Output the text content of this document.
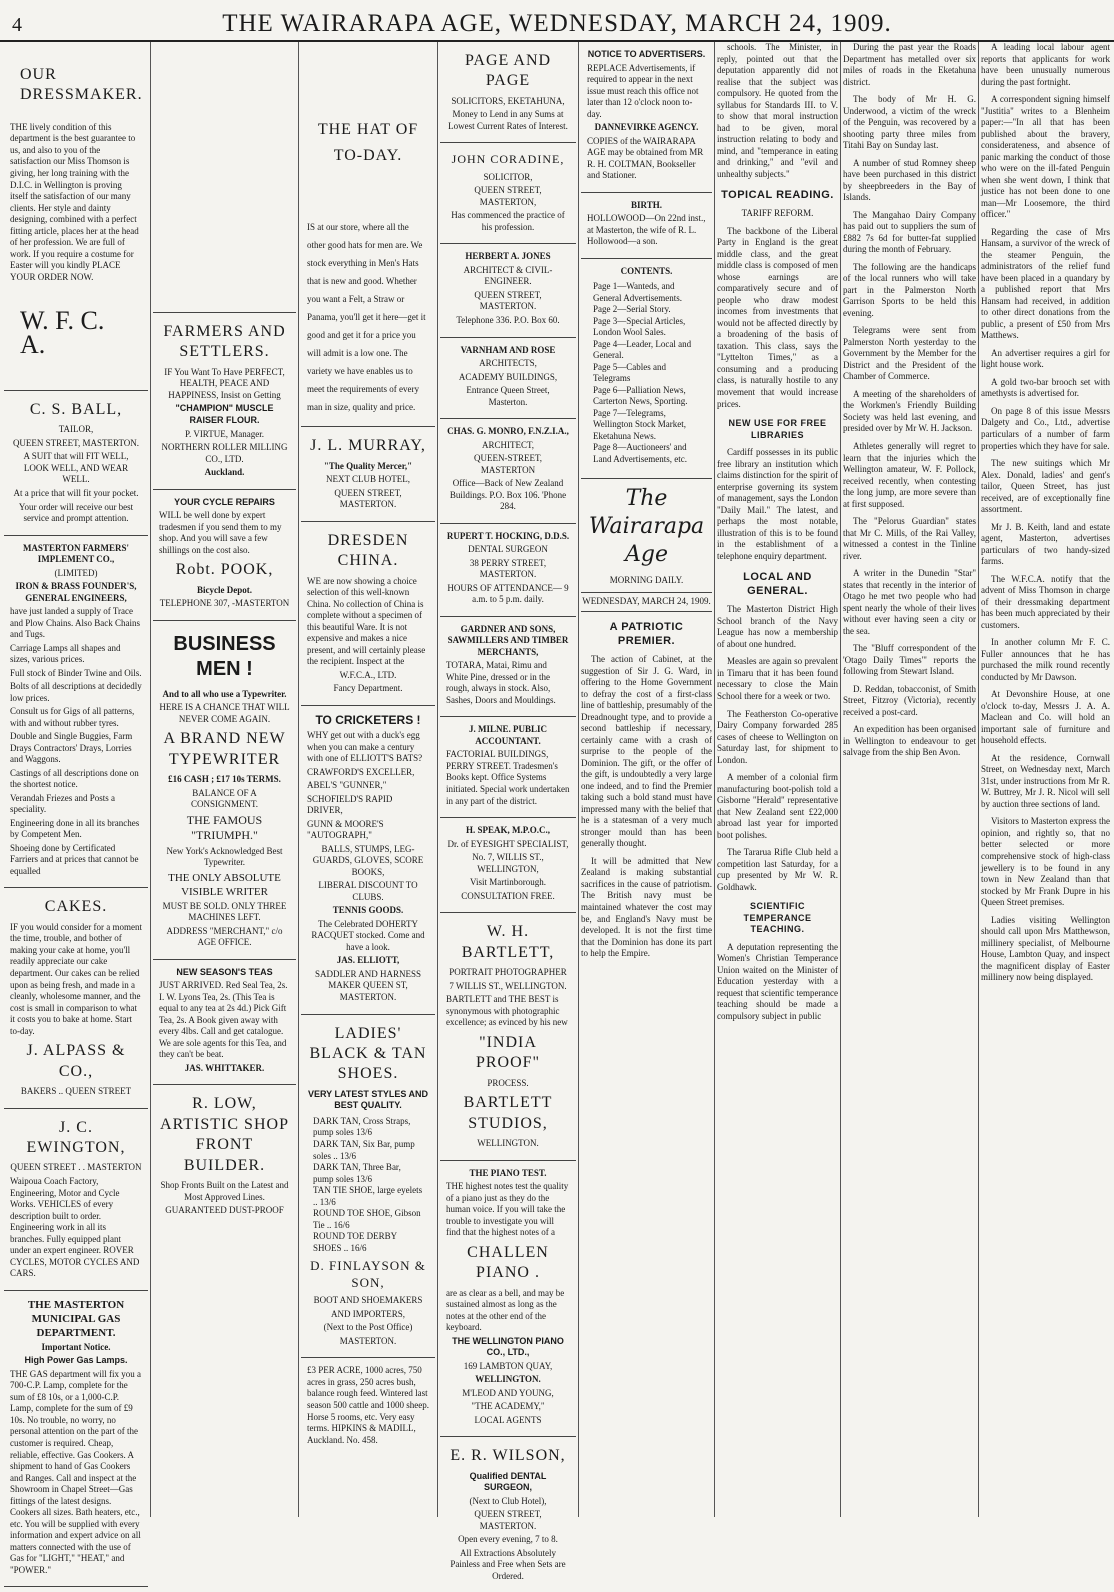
4	THE WAIRARAPA AGE, WEDNESDAY, MARCH 24, 1909.
OUR DRESSMAKER.

THE lively condition of this department is the best guarantee to us, and also to you of the satisfaction our Miss Thomson is giving, her long training with the D.I.C. in Wellington is proving itself the satisfaction of our many clients. Her style and dainty designing, combined with a perfect fitting article, places her at the head of her profession. We are full of work. If you require a costume for Easter will you kindly PLACE YOUR ORDER NOW.

W. F. C. A.
C. S. BALL,

TAILOR,

QUEEN STREET, MASTERTON.

A SUIT that will FIT WELL, LOOK WELL, AND WEAR WELL.

At a price that will fit your pocket.

Your order will receive our best service and prompt attention.

MASTERTON FARMERS' IMPLEMENT CO.,

(LIMITED)

IRON & BRASS FOUNDER'S, GENERAL ENGINEERS,

have just landed a supply of Trace and Plow Chains. Also Back Chains and Tugs.

Carriage Lamps all shapes and sizes, various prices.

Full stock of Binder Twine and Oils.

Bolts of all descriptions at decidedly low prices.

Consult us for Gigs of all patterns, with and without rubber tyres.

Double and Single Buggies, Farm Drays Contractors' Drays, Lorries and Waggons.

Castings of all descriptions done on the shortest notice.

Verandah Friezes and Posts a speciality.

Engineering done in all its branches by Competent Men.

Shoeing done by Certificated Farriers and at prices that cannot be equalled

CAKES.

IF you would consider for a moment the time, trouble, and bother of making your cake at home, you'll readily appreciate our cake department. Our cakes can be relied upon as being fresh, and made in a cleanly, wholesome manner, and the cost is small in comparison to what it costs you to bake at home. Start to-day.

J. ALPASS & CO.,

BAKERS .. QUEEN STREET

J. C. EWINGTON,

QUEEN STREET . . MASTERTON

Waipoua Coach Factory, Engineering, Motor and Cycle Works. VEHICLES of every description built to order. Engineering work in all its branches. Fully equipped plant under an expert engineer. ROVER CYCLES, MOTOR CYCLES AND CARS.

THE MASTERTON MUNICIPAL GAS DEPARTMENT.

Important Notice.

High Power Gas Lamps.

THE GAS department will fix you a 700-C.P. Lamp, complete for the sum of £8 10s, or a 1,000-C.P. Lamp, complete for the sum of £9 10s. No trouble, no worry, no personal attention on the part of the customer is required. Cheap, reliable, effective. Gas Cookers. A shipment to hand of Gas Cookers and Ranges. Call and inspect at the Showroom in Chapel Street—Gas fittings of the latest designs. Cookers all sizes. Bath heaters, etc., etc. You will be supplied with every information and expert advice on all matters connected with the use of Gas for "LIGHT," "HEAT," and "POWER."

FARMERS AND SETTLERS.

IF You Want To Have PERFECT, HEALTH, PEACE AND HAPPINESS, Insist on Getting

"CHAMPION" MUSCLE RAISER FLOUR.

P. VIRTUE, Manager.

NORTHERN ROLLER MILLING CO., LTD.

Auckland.

YOUR CYCLE REPAIRS

WILL be well done by expert tradesmen if you send them to my shop. And you will save a few shillings on the cost also.

Robt. POOK,

Bicycle Depot.

TELEPHONE 307, -MASTERTON

BUSINESS MEN !

And to all who use a Typewriter.

HERE IS A CHANCE THAT WILL NEVER COME AGAIN.

A BRAND NEW TYPEWRITER

£16 CASH ; £17 10s TERMS.

BALANCE OF A CONSIGNMENT.

THE FAMOUS "TRIUMPH."

New York's Acknowledged Best Typewriter.

THE ONLY ABSOLUTE VISIBLE WRITER

MUST BE SOLD. ONLY THREE MACHINES LEFT.

ADDRESS "MERCHANT," c/o AGE OFFICE.

NEW SEASON'S TEAS

JUST ARRIVED. Red Seal Tea, 2s. I. W. Lyons Tea, 2s. (This Tea is equal to any tea at 2s 4d.) Pick Gift Tea, 2s. A Book given away with every 4lbs. Call and get catalogue. We are sole agents for this Tea, and they can't be beat.

JAS. WHITTAKER.

R. LOW, ARTISTIC SHOP FRONT BUILDER.

Shop Fronts Built on the Latest and Most Approved Lines.

GUARANTEED DUST-PROOF

THE HAT OF TO-DAY.

IS at our store, where all the other good hats for men are. We stock everything in Men's Hats that is new and good. Whether you want a Felt, a Straw or Panama, you'll get it here—get it good and get it for a price you will admit is a low one. The variety we have enables us to meet the requirements of every man in size, quality and price.

J. L. MURRAY,

"The Quality Mercer,"

NEXT CLUB HOTEL,

QUEEN STREET, MASTERTON.

DRESDEN CHINA.

WE are now showing a choice selection of this well-known China. No collection of China is complete without a specimen of this beautiful Ware. It is not expensive and makes a nice present, and will certainly please the recipient. Inspect at the

W.F.C.A., LTD.

Fancy Department.

TO CRICKETERS !

WHY get out with a duck's egg when you can make a century with one of ELLIOTT'S BATS?

CRAWFORD'S EXCELLER,

ABEL'S "GUNNER,"

SCHOFIELD'S RAPID DRIVER,

GUNN & MOORE'S "AUTOGRAPH,"

BALLS, STUMPS, LEG-GUARDS, GLOVES, SCORE BOOKS,

LIBERAL DISCOUNT TO CLUBS.

TENNIS GOODS.

The Celebrated DOHERTY RACQUET stocked. Come and have a look.

JAS. ELLIOTT,

SADDLER AND HARNESS MAKER QUEEN ST, MASTERTON.

LADIES' BLACK & TAN SHOES.

VERY LATEST STYLES AND BEST QUALITY.

DARK TAN, Cross Straps, pump soles 13/6
DARK TAN, Six Bar, pump soles .. 13/6
DARK TAN, Three Bar, pump soles 13/6
TAN TIE SHOE, large eyelets .. 13/6
ROUND TOE SHOE, Gibson Tie .. 16/6
ROUND TOE DERBY SHOES .. 16/6
D. FINLAYSON & SON,

BOOT AND SHOEMAKERS

AND IMPORTERS,

(Next to the Post Office)

MASTERTON.

£3 PER ACRE, 1000 acres, 750 acres in grass, 250 acres bush, balance rough feed. Wintered last season 500 cattle and 1000 sheep. Horse 5 rooms, etc. Very easy terms. HIPKINS & MADILL, Auckland. No. 458.

PAGE AND PAGE

SOLICITORS, EKETAHUNA,

Money to Lend in any Sums at Lowest Current Rates of Interest.

JOHN CORADINE,

SOLICITOR,

QUEEN STREET, MASTERTON,

Has commenced the practice of his profession.

HERBERT A. JONES

ARCHITECT & CIVIL-ENGINEER.

QUEEN STREET, MASTERTON.

Telephone 336. P.O. Box 60.

VARNHAM AND ROSE

ARCHITECTS,

ACADEMY BUILDINGS,

Entrance Queen Street, Masterton.

CHAS. G. MONRO, F.N.Z.I.A.,

ARCHITECT,

QUEEN-STREET, MASTERTON

Office—Back of New Zealand Buildings. P.O. Box 106. 'Phone 284.

RUPERT T. HOCKING, D.D.S.

DENTAL SURGEON

38 PERRY STREET, MASTERTON.

HOURS OF ATTENDANCE— 9 a.m. to 5 p.m. daily.

GARDNER AND SONS, SAWMILLERS AND TIMBER MERCHANTS,

TOTARA, Matai, Rimu and White Pine, dressed or in the rough, always in stock. Also, Sashes, Doors and Mouldings.

J. MILNE. PUBLIC ACCOUNTANT.

FACTORIAL BUILDINGS, PERRY STREET. Tradesmen's Books kept. Office Systems initiated. Special work undertaken in any part of the district.

H. SPEAK, M.P.O.C.,

Dr. of EYESIGHT SPECIALIST,

No. 7, WILLIS ST., WELLINGTON,

Visit Martinborough.

CONSULTATION FREE.

W. H. BARTLETT,

PORTRAIT PHOTOGRAPHER

7 WILLIS ST., WELLINGTON.

BARTLETT and THE BEST is synonymous with photographic excellence; as evinced by his new

"INDIA PROOF"

PROCESS.

BARTLETT STUDIOS,

WELLINGTON.

THE PIANO TEST.

THE highest notes test the quality of a piano just as they do the human voice. If you will take the trouble to investigate you will find that the highest notes of a

CHALLEN PIANO .

are as clear as a bell, and may be sustained almost as long as the notes at the other end of the keyboard.

THE WELLINGTON PIANO CO., LTD.,

169 LAMBTON QUAY,

WELLINGTON.

M'LEOD AND YOUNG,

"THE ACADEMY,"

LOCAL AGENTS

E. R. WILSON,

Qualified DENTAL SURGEON,

(Next to Club Hotel),

QUEEN STREET, MASTERTON.

Open every evening, 7 to 8.

All Extractions Absolutely Painless and Free when Sets are Ordered.

NOTICE TO ADVERTISERS.

REPLACE Advertisements, if required to appear in the next issue must reach this office not later than 12 o'clock noon to-day.

DANNEVIRKE AGENCY.

COPIES of the WAIRARAPA AGE may be obtained from MR R. H. COLTMAN, Bookseller and Stationer.

BIRTH.

HOLLOWOOD—On 22nd inst., at Masterton, the wife of R. L. Hollowood—a son.

CONTENTS.

Page 1—Wanteds, and General Advertisements.
Page 2—Serial Story.
Page 3—Special Articles, London Wool Sales.
Page 4—Leader, Local and General.
Page 5—Cables and Telegrams
Page 6—Palliation News, Carterton News, Sporting.
Page 7—Telegrams, Wellington Stock Market, Eketahuna News.
Page 8—Auctioneers' and Land Advertisements, etc.
The Wairarapa Age
MORNING DAILY.
WEDNESDAY, MARCH 24, 1909.
A PATRIOTIC PREMIER.

The action of Cabinet, at the suggestion of Sir J. G. Ward, in offering to the Home Government to defray the cost of a first-class line of battleship, presumably of the Dreadnought type, and to provide a second battleship if necessary, certainly came with a crash of surprise to the people of the Dominion. The gift, or the offer of the gift, is undoubtedly a very large one indeed, and to find the Premier taking such a bold stand must have impressed many with the belief that he is a statesman of a very much stronger mould than has been generally thought.

It will be admitted that New Zealand is making substantial sacrifices in the cause of patriotism. The British navy must be maintained whatever the cost may be, and England's Navy must be developed. It is not the first time that the Dominion has done its part to help the Empire.

schools. The Minister, in reply, pointed out that the deputation apparently did not realise that the subject was compulsory. He quoted from the syllabus for Standards III. to V. to show that moral instruction had to be given, moral instruction relating to body and mind, and "temperance in eating and drinking," and "evil and unhealthy subjects."

TOPICAL READING.
TARIFF REFORM.

The backbone of the Liberal Party in England is the great middle class, and the great middle class is composed of men whose earnings are comparatively secure and of people who draw modest incomes from investments that would not be affected directly by a broadening of the basis of taxation. This class, says the "Lyttelton Times," as a consuming and a producing class, is naturally hostile to any movement that would increase prices.

NEW USE FOR FREE LIBRARIES

Cardiff possesses in its public free library an institution which claims distinction for the spirit of enterprise governing its system of management, says the London "Daily Mail." The latest, and perhaps the most notable, illustration of this is to be found in the establishment of a telephone enquiry department.

LOCAL AND GENERAL.

The Masterton District High School branch of the Navy League has now a membership of about one hundred.

Measles are again so prevalent in Timaru that it has been found necessary to close the Main School there for a week or two.

The Featherston Co-operative Dairy Company forwarded 285 cases of cheese to Wellington on Saturday last, for shipment to London.

A member of a colonial firm manufacturing boot-polish told a Gisborne "Herald" representative that New Zealand sent £22,000 abroad last year for imported boot polishes.

The Tararua Rifle Club held a competition last Saturday, for a cup presented by Mr W. R. Goldhawk.

SCIENTIFIC TEMPERANCE TEACHING.

A deputation representing the Women's Christian Temperance Union waited on the Minister of Education yesterday with a request that scientific temperance teaching should be made a compulsory subject in public

During the past year the Roads Department has metalled over six miles of roads in the Eketahuna district.

The body of Mr H. G. Underwood, a victim of the wreck of the Penguin, was recovered by a shooting party three miles from Titahi Bay on Sunday last.

A number of stud Romney sheep have been purchased in this district by sheepbreeders in the Bay of Islands.

The Mangahao Dairy Company has paid out to suppliers the sum of £882 7s 6d for butter-fat supplied during the month of February.

The following are the handicaps of the local runners who will take part in the Palmerston North Garrison Sports to be held this evening.

Telegrams were sent from Palmerston North yesterday to the Government by the Member for the District and the President of the Chamber of Commerce.

A meeting of the shareholders of the Workmen's Friendly Building Society was held last evening, and presided over by Mr W. H. Jackson.

Athletes generally will regret to learn that the injuries which the Wellington amateur, W. F. Pollock, received recently, when contesting the long jump, are more severe than at first supposed.

The "Pelorus Guardian" states that Mr C. Mills, of the Rai Valley, witnessed a contest in the Tinline river.

A writer in the Dunedin "Star" states that recently in the interior of Otago he met two people who had spent nearly the whole of their lives without ever having seen a city or the sea.

The "Bluff correspondent of the 'Otago Daily Times'" reports the following from Stewart Island.

D. Reddan, tobacconist, of Smith Street, Fitzroy (Victoria), recently received a post-card.

An expedition has been organised in Wellington to endeavour to get salvage from the ship Ben Avon.

A leading local labour agent reports that applicants for work have been unusually numerous during the past fortnight.

A correspondent signing himself "Justitia" writes to a Blenheim paper:—"In all that has been published about the bravery, considerateness, and absence of panic marking the conduct of those who were on the ill-fated Penguin when she went down, I think that justice has not been done to one man—Mr Loosemore, the third officer."

Regarding the case of Mrs Hansam, a survivor of the wreck of the steamer Penguin, the administrators of the relief fund have been placed in a quandary by a published report that Mrs Hansam had received, in addition to other direct donations from the public, a present of £50 from Mrs Matthews.

An advertiser requires a girl for light house work.

A gold two-bar brooch set with amethysts is advertised for.

On page 8 of this issue Messrs Dalgety and Co., Ltd., advertise particulars of a number of farm properties which they have for sale.

The new suitings which Mr Alex. Donald, ladies' and gent's tailor, Queen Street, has just received, are of exceptionally fine assortment.

Mr J. B. Keith, land and estate agent, Masterton, advertises particulars of two handy-sized farms.

The W.F.C.A. notify that the advent of Miss Thomson in charge of their dressmaking department has been much appreciated by their customers.

In another column Mr F. C. Fuller announces that he has purchased the milk round recently conducted by Mr Dawson.

At Devonshire House, at one o'clock to-day, Messrs J. A. A. Maclean and Co. will hold an important sale of furniture and household effects.

At the residence, Cornwall Street, on Wednesday next, March 31st, under instructions from Mr R. W. Buttrey, Mr J. R. Nicol will sell by auction three sections of land.

Visitors to Masterton express the opinion, and rightly so, that no better selected or more comprehensive stock of high-class jewellery is to be found in any town in New Zealand than that stocked by Mr Frank Dupre in his Queen Street premises.

Ladies visiting Wellington should call upon Mrs Matthewson, millinery specialist, of Melbourne House, Lambton Quay, and inspect the magnificent display of Easter millinery now being displayed.
